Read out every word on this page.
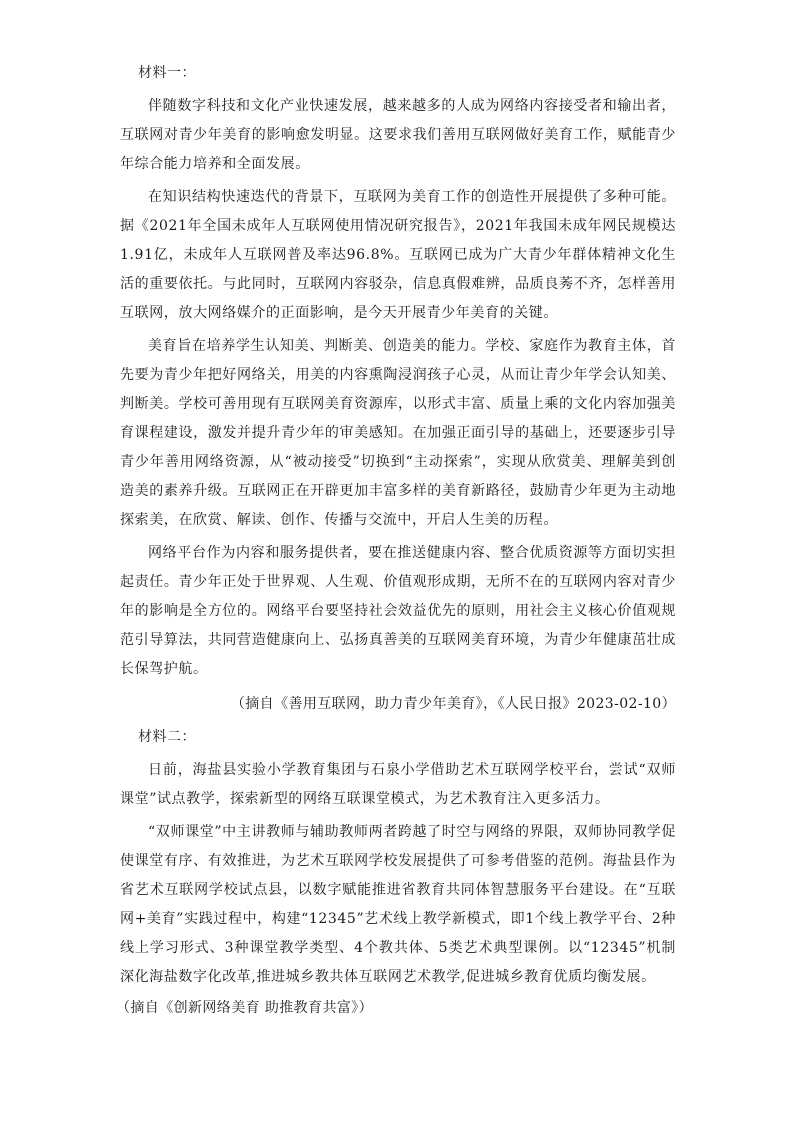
材料一：

伴随数字科技和文化产业快速发展，越来越多的人成为网络内容接受者和输出者，互联网对青少年美育的影响愈发明显。这要求我们善用互联网做好美育工作，赋能青少年综合能力培养和全面发展。

在知识结构快速迭代的背景下，互联网为美育工作的创造性开展提供了多种可能。据《2021年全国未成年人互联网使用情况研究报告》，2021年我国未成年网民规模达1.91亿，未成年人互联网普及率达96.8%。互联网已成为广大青少年群体精神文化生活的重要依托。与此同时，互联网内容驳杂，信息真假难辨，品质良莠不齐，怎样善用互联网，放大网络媒介的正面影响，是今天开展青少年美育的关键。

美育旨在培养学生认知美、判断美、创造美的能力。学校、家庭作为教育主体，首先要为青少年把好网络关，用美的内容熏陶浸润孩子心灵，从而让青少年学会认知美、判断美。学校可善用现有互联网美育资源库，以形式丰富、质量上乘的文化内容加强美育课程建设，激发并提升青少年的审美感知。在加强正面引导的基础上，还要逐步引导青少年善用网络资源，从“被动接受”切换到“主动探索”，实现从欣赏美、理解美到创造美的素养升级。互联网正在开辟更加丰富多样的美育新路径，鼓励青少年更为主动地探索美，在欣赏、解读、创作、传播与交流中，开启人生美的历程。

网络平台作为内容和服务提供者，要在推送健康内容、整合优质资源等方面切实担起责任。青少年正处于世界观、人生观、价值观形成期，无所不在的互联网内容对青少年的影响是全方位的。网络平台要坚持社会效益优先的原则，用社会主义核心价值观规范引导算法，共同营造健康向上、弘扬真善美的互联网美育环境，为青少年健康茁壮成长保驾护航。

（摘自《善用互联网，助力青少年美育》，《人民日报》2023-02-10）
材料二：

日前，海盐县实验小学教育集团与石泉小学借助艺术互联网学校平台，尝试“双师课堂”试点教学，探索新型的网络互联课堂模式，为艺术教育注入更多活力。

“双师课堂”中主讲教师与辅助教师两者跨越了时空与网络的界限，双师协同教学促使课堂有序、有效推进，为艺术互联网学校发展提供了可参考借鉴的范例。海盐县作为省艺术互联网学校试点县，以数字赋能推进省教育共同体智慧服务平台建设。在“互联网+美育”实践过程中，构建“12345”艺术线上教学新模式，即1个线上教学平台、2种线上学习形式、3种课堂教学类型、4个教共体、5类艺术典型课例。以“12345”机制深化海盐数字化改革,推进城乡教共体互联网艺术教学,促进城乡教育优质均衡发展。

（摘自《创新网络美育 助推教育共富》）
